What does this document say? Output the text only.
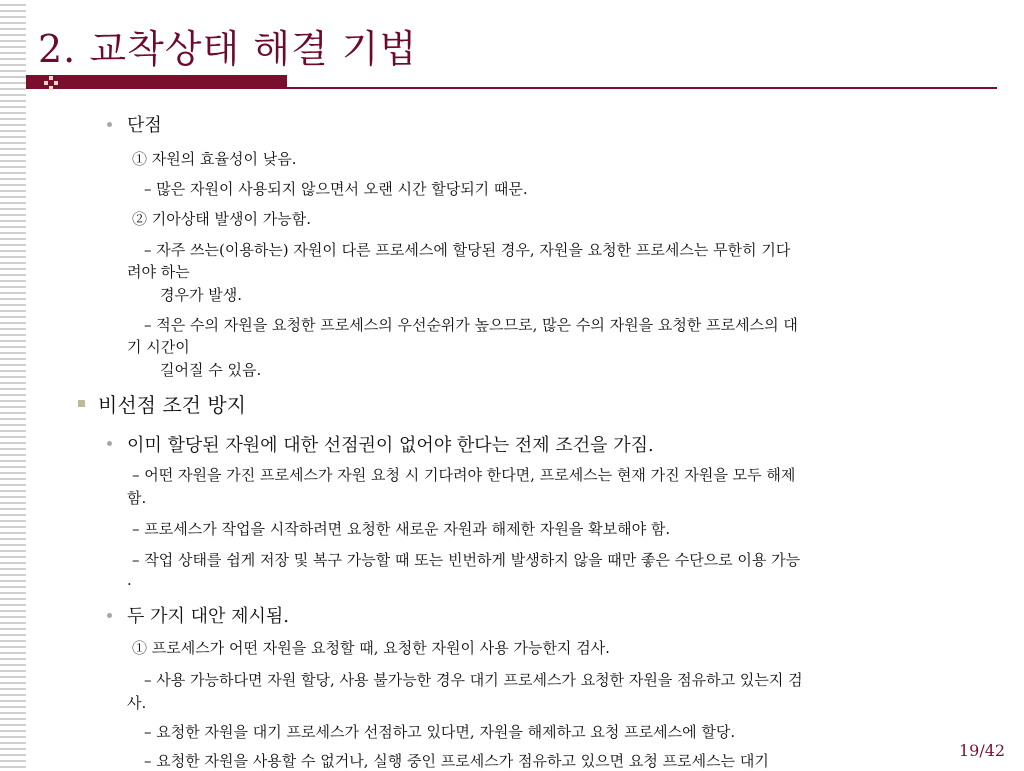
2. 교착상태 해결 기법
단점
① 자원의 효율성이 낮음.
– 많은 자원이 사용되지 않으면서 오랜 시간 할당되기 때문.
② 기아상태 발생이 가능함.
– 자주 쓰는(이용하는) 자원이 다른 프로세스에 할당된 경우, 자원을 요청한 프로세스는 무한히 기다
려야 하는
경우가 발생.
– 적은 수의 자원을 요청한 프로세스의 우선순위가 높으므로, 많은 수의 자원을 요청한 프로세스의 대
기 시간이
길어질 수 있음.
비선점 조건 방지
이미 할당된 자원에 대한 선점권이 없어야 한다는 전제 조건을 가짐.
– 어떤 자원을 가진 프로세스가 자원 요청 시 기다려야 한다면, 프로세스는 현재 가진 자원을 모두 해제
함.
– 프로세스가 작업을 시작하려면 요청한 새로운 자원과 해제한 자원을 확보해야 함.
– 작업 상태를 쉽게 저장 및 복구 가능할 때 또는 빈번하게 발생하지 않을 때만 좋은 수단으로 이용 가능
.
두 가지 대안 제시됨.
① 프로세스가 어떤 자원을 요청할 때, 요청한 자원이 사용 가능한지 검사.
– 사용 가능하다면 자원 할당, 사용 불가능한 경우 대기 프로세스가 요청한 자원을 점유하고 있는지 검
사.
– 요청한 자원을 대기 프로세스가 선점하고 있다면, 자원을 해제하고 요청 프로세스에 할당.
– 요청한 자원을 사용할 수 없거나, 실행 중인 프로세스가 점유하고 있으면 요청 프로세스는 대기
19/42
